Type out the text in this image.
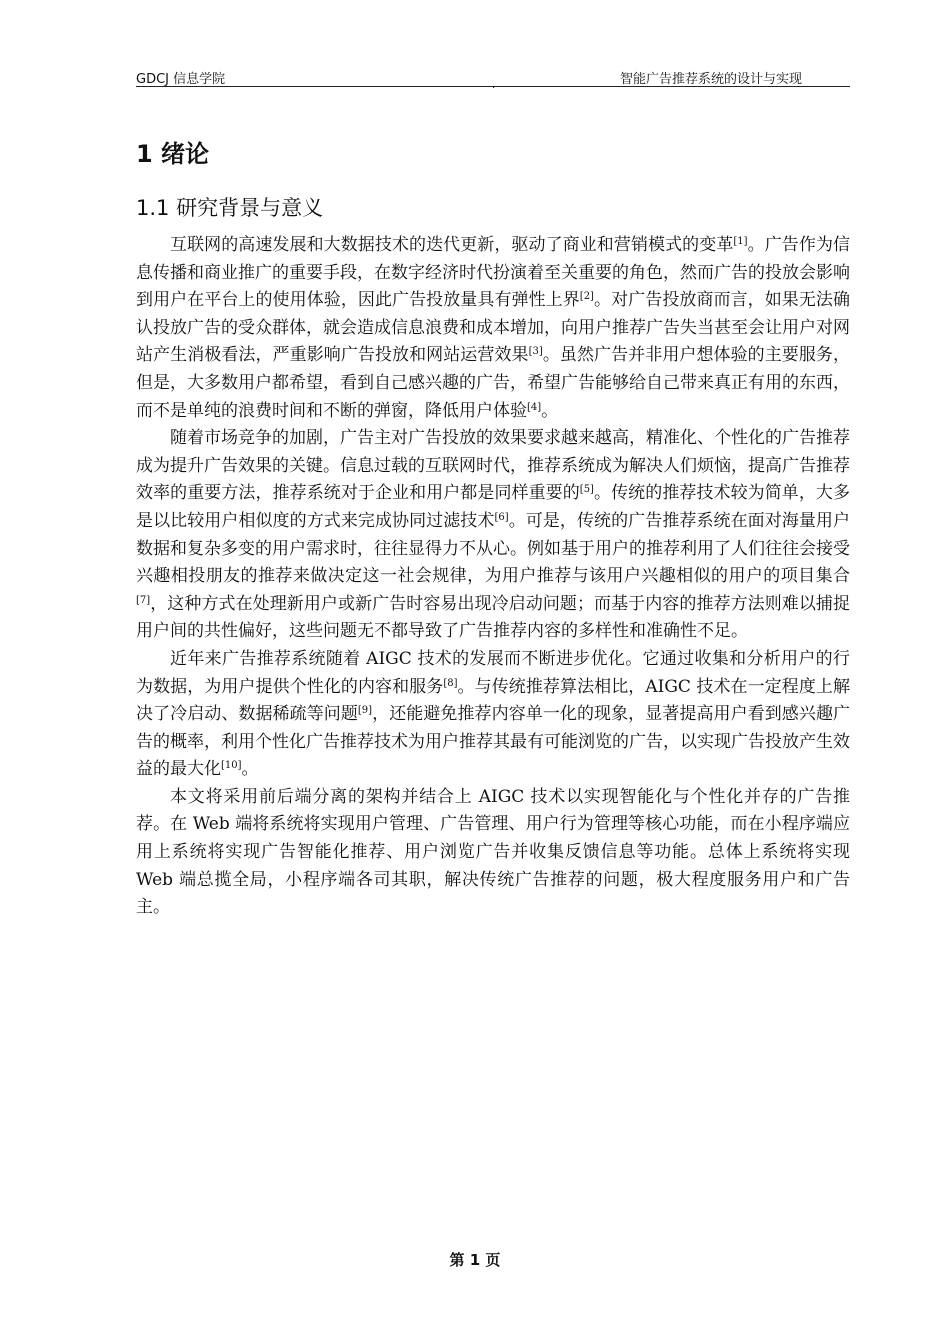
GDCJ 信息学院	.	智能广告推荐系统的设计与实现
1 绪论
1.1 研究背景与意义

互联网的高速发展和大数据技术的迭代更新，驱动了商业和营销模式的变革[1]。广告作为信息传播和商业推广的重要手段，在数字经济时代扮演着至关重要的角色，然而广告的投放会影响到用户在平台上的使用体验，因此广告投放量具有弹性上界[2]。对广告投放商而言，如果无法确认投放广告的受众群体，就会造成信息浪费和成本增加，向用户推荐广告失当甚至会让用户对网站产生消极看法，严重影响广告投放和网站运营效果[3]。虽然广告并非用户想体验的主要服务，但是，大多数用户都希望，看到自己感兴趣的广告，希望广告能够给自己带来真正有用的东西，而不是单纯的浪费时间和不断的弹窗，降低用户体验[4]。

随着市场竞争的加剧，广告主对广告投放的效果要求越来越高，精准化、个性化的广告推荐成为提升广告效果的关键。信息过载的互联网时代，推荐系统成为解决人们烦恼，提高广告推荐效率的重要方法，推荐系统对于企业和用户都是同样重要的[5]。传统的推荐技术较为简单，大多是以比较用户相似度的方式来完成协同过滤技术[6]。可是，传统的广告推荐系统在面对海量用户数据和复杂多变的用户需求时，往往显得力不从心。例如基于用户的推荐利用了人们往往会接受兴趣相投朋友的推荐来做决定这一社会规律，为用户推荐与该用户兴趣相似的用户的项目集合[7]，这种方式在处理新用户或新广告时容易出现冷启动问题；而基于内容的推荐方法则难以捕捉用户间的共性偏好，这些问题无不都导致了广告推荐内容的多样性和准确性不足。

近年来广告推荐系统随着 AIGC 技术的发展而不断进步优化。它通过收集和分析用户的行为数据，为用户提供个性化的内容和服务[8]。与传统推荐算法相比，AIGC 技术在一定程度上解决了冷启动、数据稀疏等问题[9]，还能避免推荐内容单一化的现象，显著提高用户看到感兴趣广告的概率，利用个性化广告推荐技术为用户推荐其最有可能浏览的广告，以实现广告投放产生效益的最大化[10]。

本文将采用前后端分离的架构并结合上 AIGC 技术以实现智能化与个性化并存的广告推荐。在 Web 端将系统将实现用户管理、广告管理、用户行为管理等核心功能，而在小程序端应用上系统将实现广告智能化推荐、用户浏览广告并收集反馈信息等功能。总体上系统将实现 Web 端总揽全局，小程序端各司其职，解决传统广告推荐的问题，极大程度服务用户和广告主。

第 1 页
